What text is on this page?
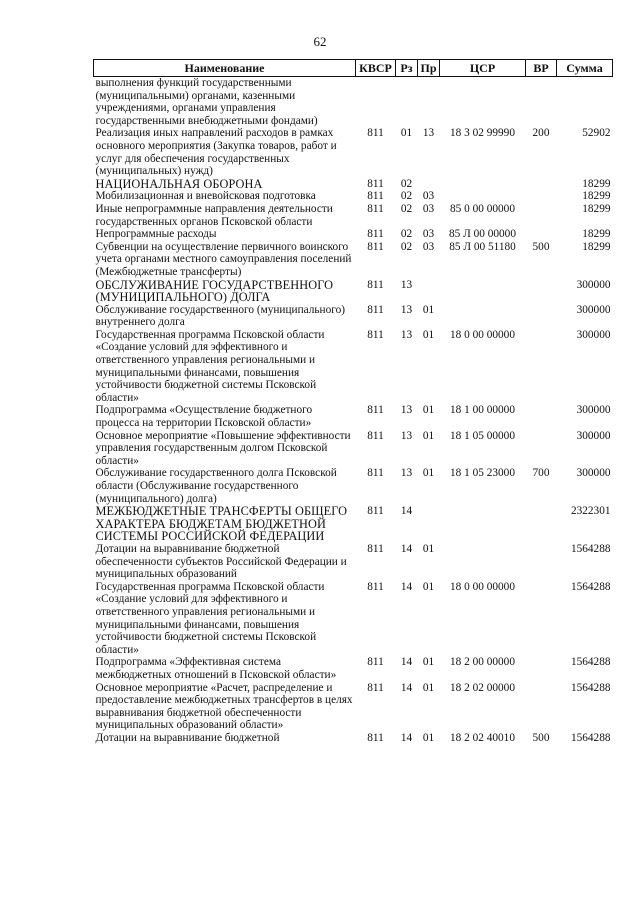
62
Наименование	КВСР	Рз	Пр	ЦСР	ВР	Сумма
выполнения функций государственными (муниципальными) органами, казенными учреждениями, органами управления государственными внебюджетными фондами)						
Реализация иных направлений расходов в рамках основного мероприятия (Закупка товаров, работ и услуг для обеспечения государственных (муниципальных) нужд)	811	01	13	18 3 02 99990	200	52902
НАЦИОНАЛЬНАЯ ОБОРОНА	811	02				18299
Мобилизационная и вневойсковая подготовка	811	02	03			18299
Иные непрограммные направления деятельности государственных органов Псковской области	811	02	03	85 0 00 00000		18299
Непрограммные расходы	811	02	03	85 Л 00 00000		18299
Субвенции на осуществление первичного воинского учета органами местного самоуправления поселений (Межбюджетные трансферты)	811	02	03	85 Л 00 51180	500	18299
ОБСЛУЖИВАНИЕ ГОСУДАРСТВЕННОГО (МУНИЦИПАЛЬНОГО) ДОЛГА	811	13				300000
Обслуживание государственного (муниципального) внутреннего долга	811	13	01			300000
Государственная программа Псковской области «Создание условий для эффективного и ответственного управления региональными и муниципальными финансами, повышения устойчивости бюджетной системы Псковской области»	811	13	01	18 0 00 00000		300000
Подпрограмма «Осуществление бюджетного процесса на территории Псковской области»	811	13	01	18 1 00 00000		300000
Основное мероприятие «Повышение эффективности управления государственным долгом Псковской области»	811	13	01	18 1 05 00000		300000
Обслуживание государственного долга Псковской области (Обслуживание государственного (муниципального) долга)	811	13	01	18 1 05 23000	700	300000
МЕЖБЮДЖЕТНЫЕ ТРАНСФЕРТЫ ОБЩЕГО ХАРАКТЕРА БЮДЖЕТАМ БЮДЖЕТНОЙ СИСТЕМЫ РОССИЙСКОЙ ФЕДЕРАЦИИ	811	14				2322301
Дотации на выравнивание бюджетной обеспеченности субъектов Российской Федерации и муниципальных образований	811	14	01			1564288
Государственная программа Псковской области «Создание условий для эффективного и ответственного управления региональными и муниципальными финансами, повышения устойчивости бюджетной системы Псковской области»	811	14	01	18 0 00 00000		1564288
Подпрограмма «Эффективная система межбюджетных отношений в Псковской области»	811	14	01	18 2 00 00000		1564288
Основное мероприятие «Расчет, распределение и предоставление межбюджетных трансфертов в целях выравнивания бюджетной обеспеченности муниципальных образований области»	811	14	01	18 2 02 00000		1564288
Дотации на выравнивание бюджетной	811	14	01	18 2 02 40010	500	1564288
